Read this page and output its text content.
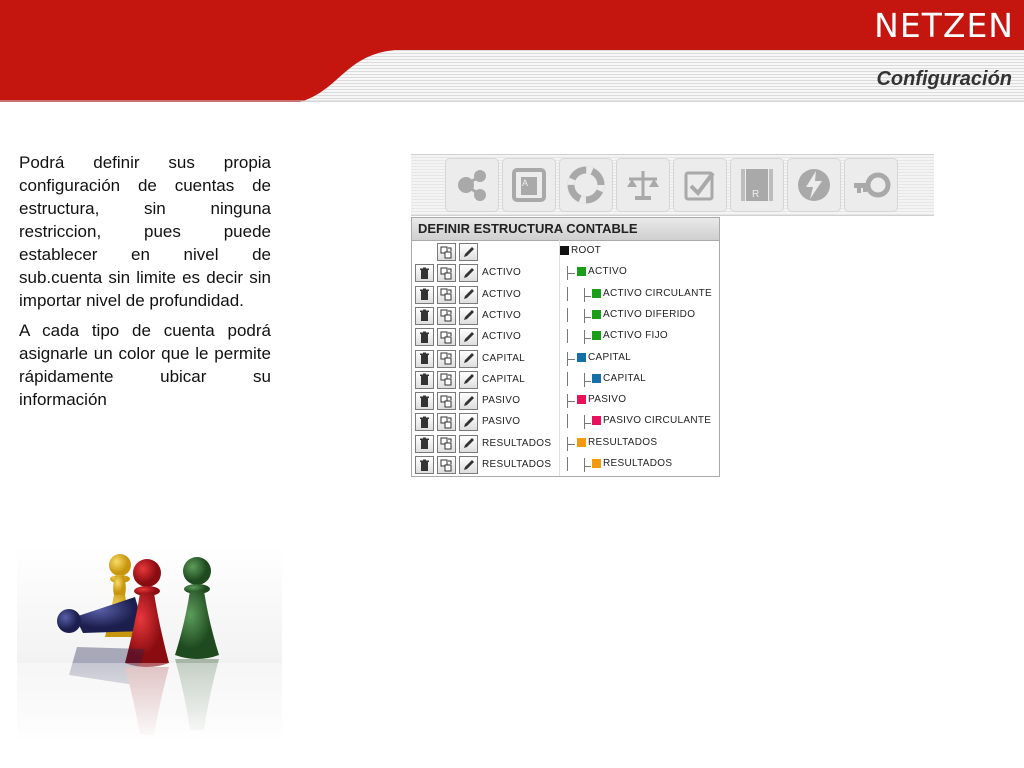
NETZEN
Configuración

Podrá definir sus propia configuración de cuentas de estructura, sin ninguna restriccion, pues puede establecer en nivel de sub.cuenta sin limite es decir sin importar nivel de profundidad.

A cada tipo de cuenta podrá asignarle un color que le permite rápidamente ubicar su información

A
R
DEFINIR ESTRUCTURA CONTABLE
ROOT
ACTIVO	ACTIVO
ACTIVO	ACTIVO CIRCULANTE
ACTIVO	ACTIVO DIFERIDO
ACTIVO	ACTIVO FIJO
CAPITAL	CAPITAL
CAPITAL	CAPITAL
PASIVO	PASIVO
PASIVO	PASIVO CIRCULANTE
RESULTADOS	RESULTADOS
RESULTADOS	RESULTADOS
